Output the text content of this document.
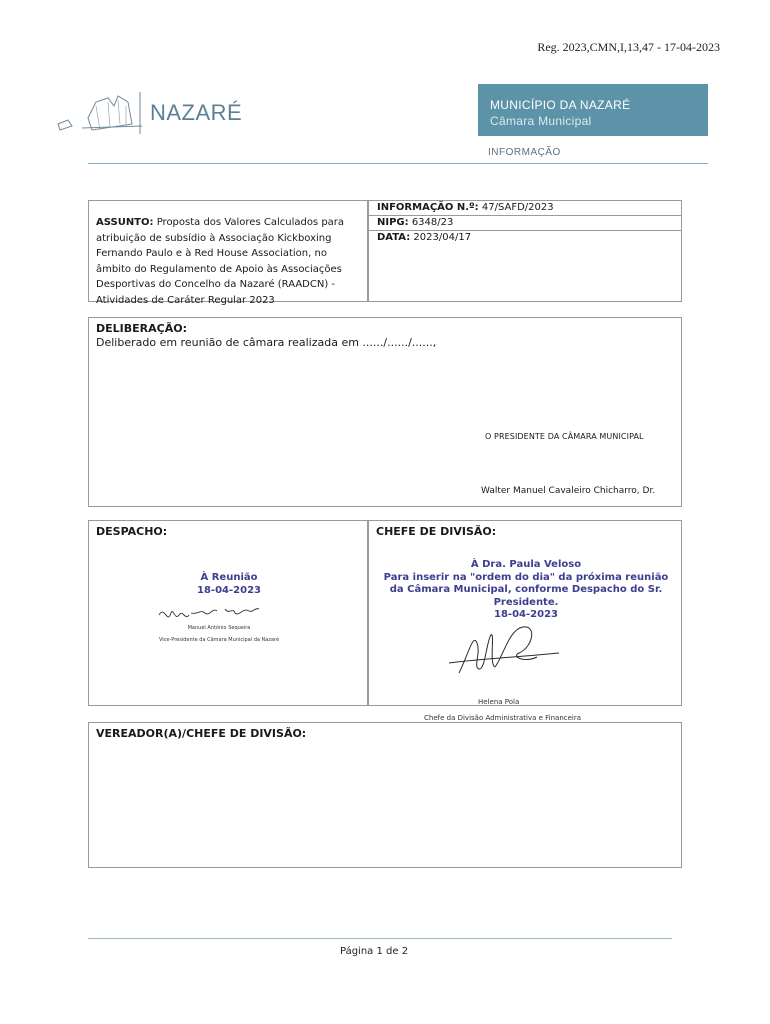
Reg. 2023,CMN,I,13,47 - 17-04-2023
NAZARÉ	MUNICÍPIO DA NAZARÉ
Câmara Municipal
INFORMAÇÃO
ASSUNTO: Proposta dos Valores Calculados para
atribuição de subsídio à Associação Kickboxing
Fernando Paulo e à Red House Association, no
âmbito do Regulamento de Apoio às Associações
Desportivas do Concelho da Nazaré (RAADCN) -
Atividades de Caráter Regular 2023
INFORMAÇÃO N.º: 47/SAFD/2023
NIPG: 6348/23
DATA: 2023/04/17
DELIBERAÇÃO:
Deliberado em reunião de câmara realizada em ....../....../......,
O PRESIDENTE DA CÂMARA MUNICIPAL
Walter Manuel Cavaleiro Chicharro, Dr.
DESPACHO:
À Reunião
18-04-2023
Manuel António Sequeira
Vice-Presidente da Câmara Municipal da Nazaré
CHEFE DE DIVISÃO:
À Dra. Paula Veloso
Para inserir na "ordem do dia" da próxima reunião
da Câmara Municipal, conforme Despacho do Sr.
Presidente.
18-04-2023
Helena Pola
Chefe da Divisão Administrativa e Financeira
VEREADOR(A)/CHEFE DE DIVISÃO:
Página 1 de 2
